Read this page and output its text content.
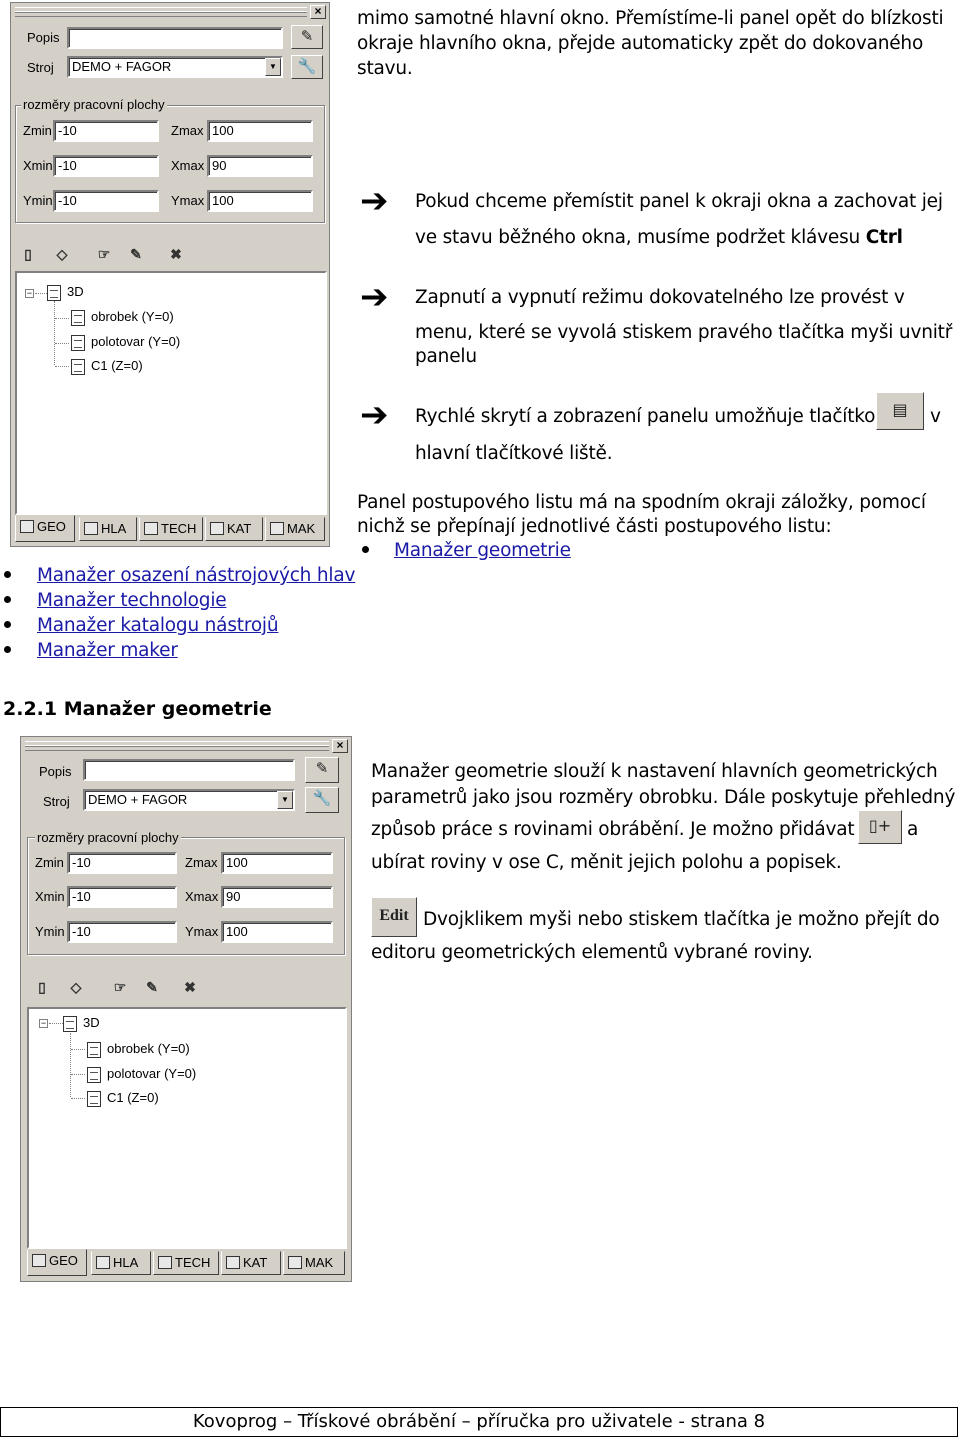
×
Popis	✎
Stroj	DEMO + FAGOR	▼	🔧
rozměry pracovní plochy
Zmin -10	Zmax 100
Xmin -10	Xmax 90
Ymin -10	Ymax 100
▯	◇	☞	✎	✖
−	3D
obrobek (Y=0)
polotovar (Y=0)
C1 (Z=0)
GEO	HLA	TECH	KAT	MAK
mimo samotné hlavní okno. Přemístíme-li panel opět do blízkosti
okraje hlavního okna, přejde automaticky zpět do dokovaného
stavu.
➔ Pokud chceme přemístit panel k okraji okna a zachovat jej
ve stavu běžného okna, musíme podržet klávesu Ctrl
➔ Zapnutí a vypnutí režimu dokovatelného lze provést v
menu, které se vyvolá stiskem pravého tlačítka myši uvnitř
panelu
➔ Rychlé skrytí a zobrazení panelu umožňuje tlačítko	▤	v
hlavní tlačítkové liště.
Panel postupového listu má na spodním okraji záložky, pomocí
nichž se přepínají jednotlivé části postupového listu:
Manažer geometrie
Manažer osazení nástrojových hlav
Manažer technologie
Manažer katalogu nástrojů
Manažer maker
2.2.1 Manažer geometrie
×
Popis	✎
Stroj	DEMO + FAGOR	▼	🔧
rozměry pracovní plochy
Zmin -10	Zmax 100
Xmin -10	Xmax 90
Ymin -10	Ymax 100
▯	◇	☞	✎	✖
−	3D
obrobek (Y=0)
polotovar (Y=0)
C1 (Z=0)
GEO	HLA	TECH	KAT	MAK
Manažer geometrie slouží k nastavení hlavních geometrických
parametrů jako jsou rozměry obrobku. Dále poskytuje přehledný
způsob práce s rovinami obrábění. Je možno přidávat ▯+ a
ubírat roviny v ose C, měnit jejich polohu a popisek.
Edit Dvojklikem myši nebo stiskem tlačítka je možno přejít do
editoru geometrických elementů vybrané roviny.
Kovoprog – Třískové obrábění – příručka pro uživatele - strana 8
